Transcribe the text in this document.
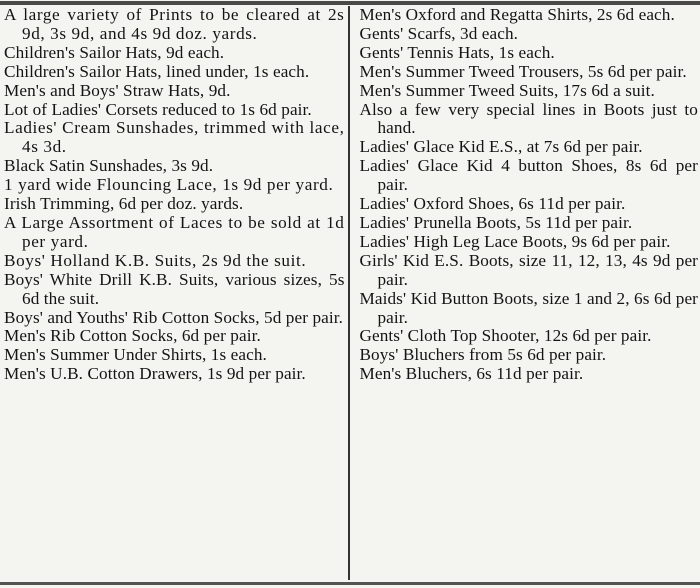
A large variety of Prints to be cleared at 2s 9d, 3s 9d, and 4s 9d doz. yards.
Children's Sailor Hats, 9d each.
Children's Sailor Hats, lined under, 1s each.
Men's and Boys' Straw Hats, 9d.
Lot of Ladies' Corsets reduced to 1s 6d pair.
Ladies' Cream Sunshades, trimmed with lace, 4s 3d.
Black Satin Sunshades, 3s 9d.
1 yard wide Flouncing Lace, 1s 9d per yard.
Irish Trimming, 6d per doz. yards.
A Large Assortment of Laces to be sold at 1d per yard.
Boys' Holland K.B. Suits, 2s 9d the suit.
Boys' White Drill K.B. Suits, various sizes, 5s 6d the suit.
Boys' and Youths' Rib Cotton Socks, 5d per pair.
Men's Rib Cotton Socks, 6d per pair.
Men's Summer Under Shirts, 1s each.
Men's U.B. Cotton Drawers, 1s 9d per pair.
Men's Oxford and Regatta Shirts, 2s 6d each.
Gents' Scarfs, 3d each.
Gents' Tennis Hats, 1s each.
Men's Summer Tweed Trousers, 5s 6d per pair.
Men's Summer Tweed Suits, 17s 6d a suit.
Also a few very special lines in Boots just to hand.
Ladies' Glace Kid E.S., at 7s 6d per pair.
Ladies' Glace Kid 4 button Shoes, 8s 6d per pair.
Ladies' Oxford Shoes, 6s 11d per pair.
Ladies' Prunella Boots, 5s 11d per pair.
Ladies' High Leg Lace Boots, 9s 6d per pair.
Girls' Kid E.S. Boots, size 11, 12, 13, 4s 9d per pair.
Maids' Kid Button Boots, size 1 and 2, 6s 6d per pair.
Gents' Cloth Top Shooter, 12s 6d per pair.
Boys' Bluchers from 5s 6d per pair.
Men's Bluchers, 6s 11d per pair.
